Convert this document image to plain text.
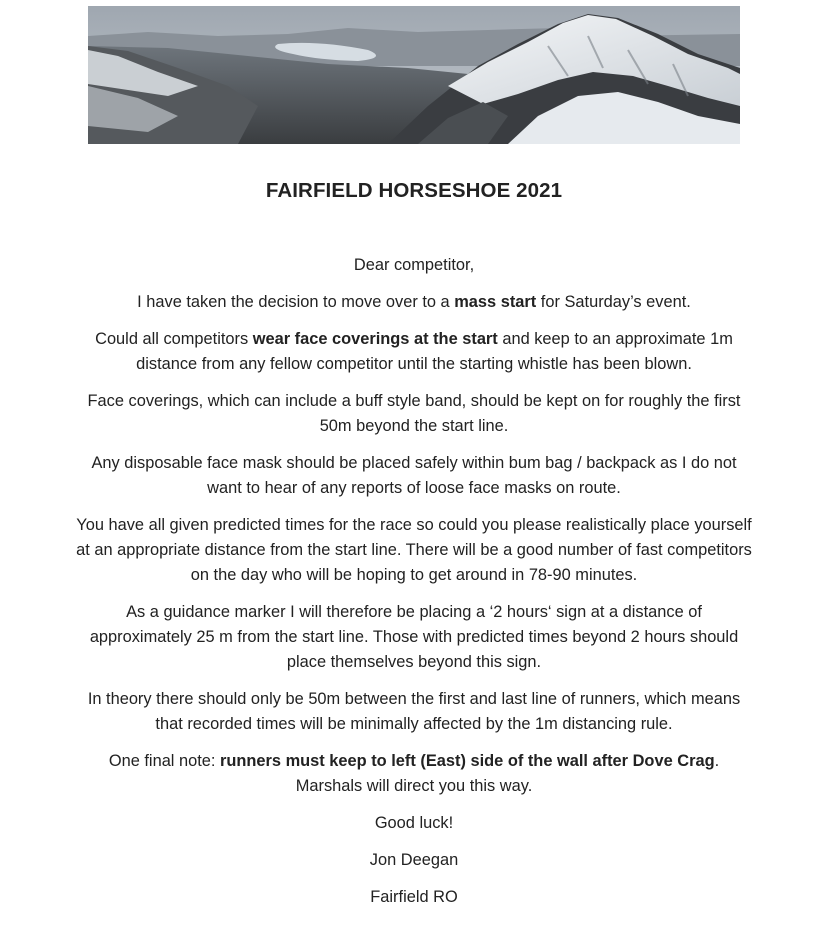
FAIRFIELD HORSESHOE 2021

Dear competitor,

I have taken the decision to move over to a mass start for Saturday’s event.

Could all competitors wear face coverings at the start and keep to an approximate 1m distance from any fellow competitor until the starting whistle has been blown.

Face coverings, which can include a buff style band, should be kept on for roughly the first 50m beyond the start line.

Any disposable face mask should be placed safely within bum bag / backpack as I do not want to hear of any reports of loose face masks on route.

You have all given predicted times for the race so could you please realistically place yourself at an appropriate distance from the start line. There will be a good number of fast competitors on the day who will be hoping to get around in 78-90 minutes.

As a guidance marker I will therefore be placing a ‘2 hours‘ sign at a distance of approximately 25 m from the start line. Those with predicted times beyond 2 hours should place themselves beyond this sign.

In theory there should only be 50m between the first and last line of runners, which means that recorded times will be minimally affected by the 1m distancing rule.

One final note: runners must keep to left (East) side of the wall after Dove Crag. Marshals will direct you this way.

Good luck!

Jon Deegan

Fairfield RO
